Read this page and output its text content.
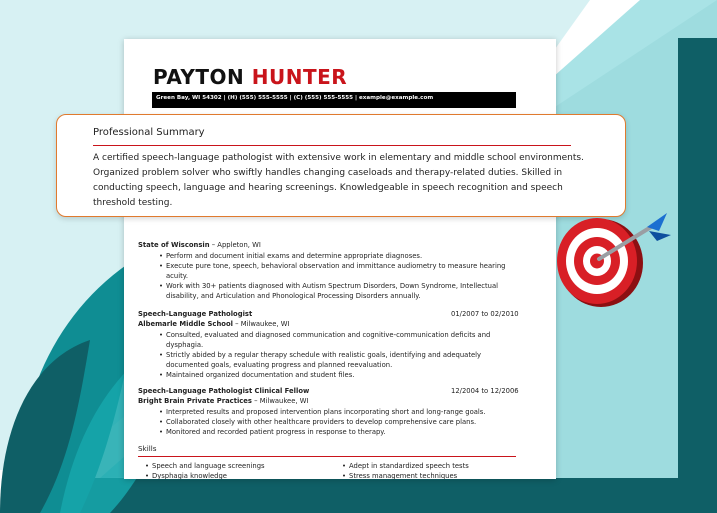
PAYTON HUNTER
Green Bay, WI 54302 | (H) (555) 555-5555 | (C) (555) 555-5555 | example@example.com
State of Wisconsin – Appleton, WI
• Perform and document initial exams and determine appropriate diagnoses.
• Execute pure tone, speech, behavioral observation and immittance audiometry to measure hearing
acuity.
• Work with 30+ patients diagnosed with Autism Spectrum Disorders, Down Syndrome, Intellectual
disability, and Articulation and Phonological Processing Disorders annually.
Speech-Language Pathologist	01/2007 to 02/2010
Albemarle Middle School – Milwaukee, WI
• Consulted, evaluated and diagnosed communication and cognitive-communication deficits and
dysphagia.
• Strictly abided by a regular therapy schedule with realistic goals, identifying and adequately
documented goals, evaluating progress and planned reevaluation.
• Maintained organized documentation and student files.
Speech-Language Pathologist Clinical Fellow	12/2004 to 12/2006
Bright Brain Private Practices – Milwaukee, WI
• Interpreted results and proposed intervention plans incorporating short and long-range goals.
• Collaborated closely with other healthcare providers to develop comprehensive care plans.
• Monitored and recorded patient progress in response to therapy.
Skills
• Speech and language screenings
• Dysphagia knowledge
• Adept in standardized speech tests
• Stress management techniques
Professional Summary
A certified speech-language pathologist with extensive work in elementary and middle school environments. Organized problem solver who swiftly handles changing caseloads and therapy-related duties. Skilled in conducting speech, language and hearing screenings. Knowledgeable in speech recognition and speech threshold testing.
